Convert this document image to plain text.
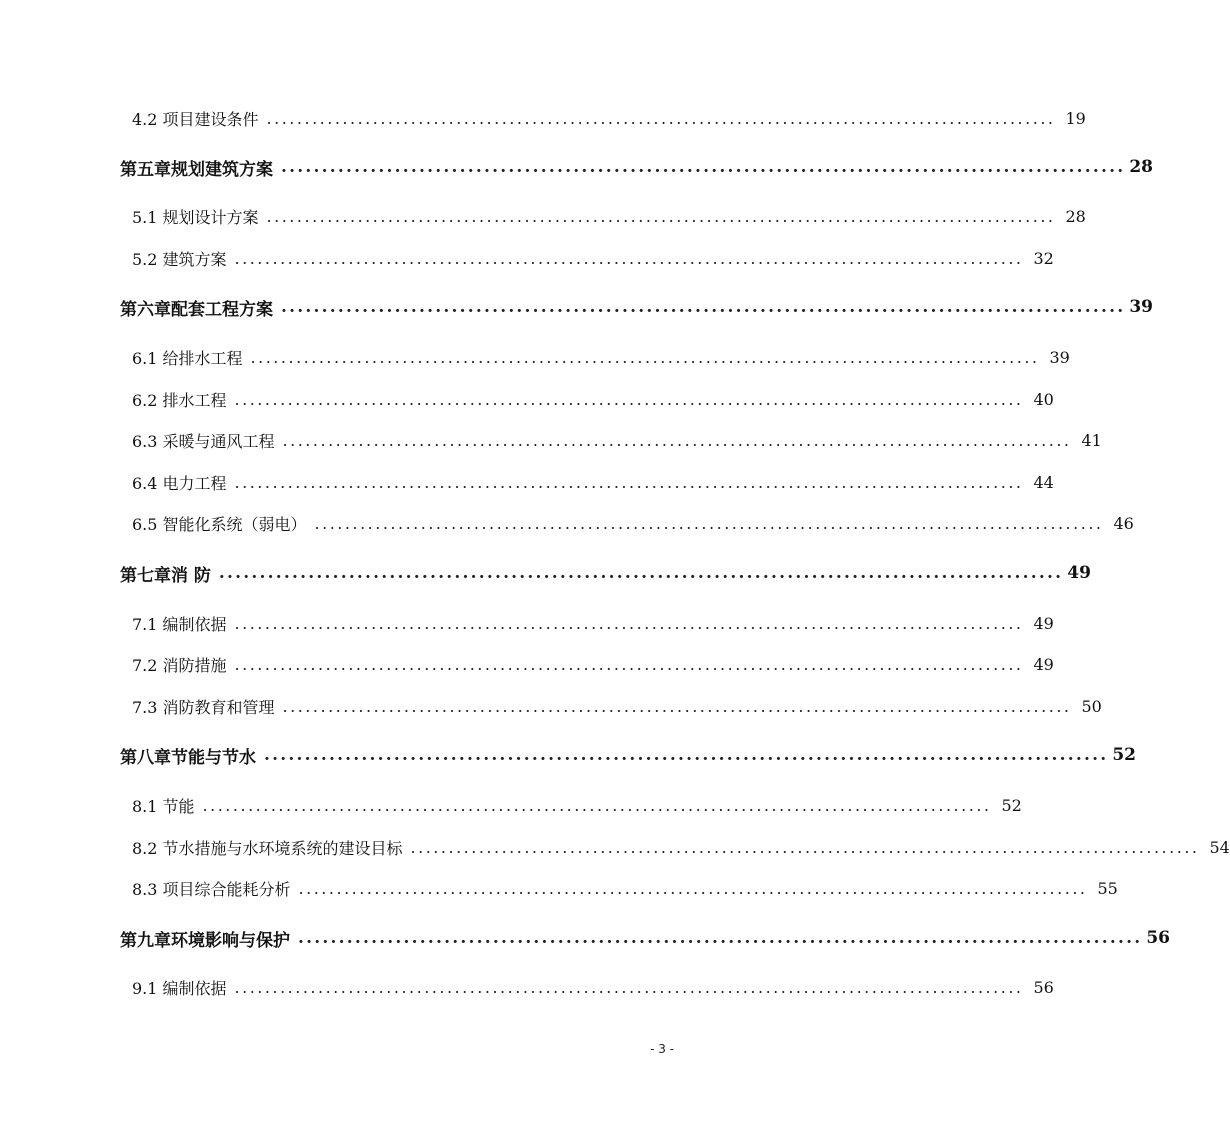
4.2 项目建设条件 ........................................................................................................ 19
第五章 规划建筑方案 ........................................................................................................ 28
5.1 规划设计方案 ........................................................................................................ 28
5.2 建筑方案 ........................................................................................................ 32
第六章 配套工程方案 ........................................................................................................ 39
6.1 给排水工程 ........................................................................................................ 39
6.2 排水工程 ........................................................................................................ 40
6.3 采暖与通风工程 ........................................................................................................ 41
6.4 电力工程 ........................................................................................................ 44
6.5 智能化系统（弱电） ........................................................................................................ 46
第七章 消 防 ........................................................................................................ 49
7.1 编制依据 ........................................................................................................ 49
7.2 消防措施 ........................................................................................................ 49
7.3 消防教育和管理 ........................................................................................................ 50
第八章 节能与节水 ........................................................................................................ 52
8.1 节能 ........................................................................................................ 52
8.2 节水措施与水环境系统的建设目标 ........................................................................................................ 54
8.3 项目综合能耗分析 ........................................................................................................ 55
第九章 环境影响与保护 ........................................................................................................ 56
9.1 编制依据 ........................................................................................................ 56
- 3 -
